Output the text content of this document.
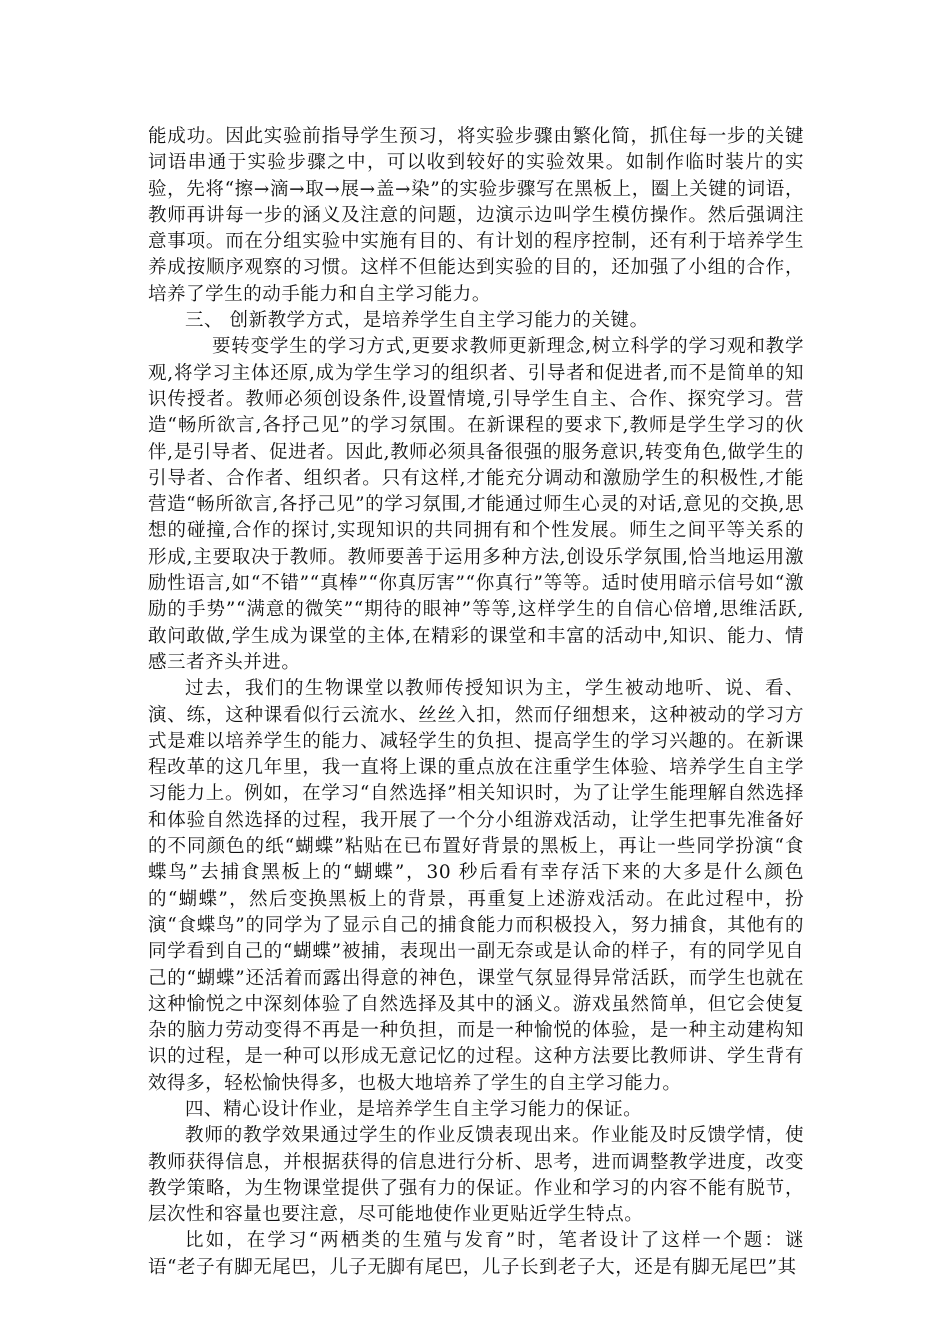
能成功。因此实验前指导学生预习，将实验步骤由繁化简，抓住每一步的关键词语串通于实验步骤之中，可以收到较好的实验效果。如制作临时装片的实验，先将“擦→滴→取→展→盖→染”的实验步骤写在黑板上，圈上关键的词语，教师再讲每一步的涵义及注意的问题，边演示边叫学生模仿操作。然后强调注意事项。而在分组实验中实施有目的、有计划的程序控制，还有利于培养学生养成按顺序观察的习惯。这样不但能达到实验的目的，还加强了小组的合作，培养了学生的动手能力和自主学习能力。

三、 创新教学方式，是培养学生自主学习能力的关键。

要转变学生的学习方式,更要求教师更新理念,树立科学的学习观和教学观,将学习主体还原,成为学生学习的组织者、引导者和促进者,而不是简单的知识传授者。教师必须创设条件,设置情境,引导学生自主、合作、探究学习。营造“畅所欲言,各抒己见”的学习氛围。在新课程的要求下,教师是学生学习的伙伴,是引导者、促进者。因此,教师必须具备很强的服务意识,转变角色,做学生的引导者、合作者、组织者。只有这样,才能充分调动和激励学生的积极性,才能营造“畅所欲言,各抒己见”的学习氛围,才能通过师生心灵的对话,意见的交换,思想的碰撞,合作的探讨,实现知识的共同拥有和个性发展。师生之间平等关系的形成,主要取决于教师。教师要善于运用多种方法,创设乐学氛围,恰当地运用激励性语言,如“不错”“真棒”“你真厉害”“你真行”等等。适时使用暗示信号如“激励的手势”“满意的微笑”“期待的眼神”等等,这样学生的自信心倍增,思维活跃,敢问敢做,学生成为课堂的主体,在精彩的课堂和丰富的活动中,知识、能力、情感三者齐头并进。

过去，我们的生物课堂以教师传授知识为主，学生被动地听、说、看、演、练，这种课看似行云流水、丝丝入扣，然而仔细想来，这种被动的学习方式是难以培养学生的能力、减轻学生的负担、提高学生的学习兴趣的。在新课程改革的这几年里，我一直将上课的重点放在注重学生体验、培养学生自主学习能力上。例如，在学习“自然选择”相关知识时，为了让学生能理解自然选择和体验自然选择的过程，我开展了一个分小组游戏活动，让学生把事先准备好的不同颜色的纸“蝴蝶”粘贴在已布置好背景的黑板上，再让一些同学扮演“食蝶鸟”去捕食黑板上的“蝴蝶”，30 秒后看有幸存活下来的大多是什么颜色的“蝴蝶”，然后变换黑板上的背景，再重复上述游戏活动。在此过程中，扮演“食蝶鸟”的同学为了显示自己的捕食能力而积极投入，努力捕食，其他有的同学看到自己的“蝴蝶”被捕，表现出一副无奈或是认命的样子，有的同学见自己的“蝴蝶”还活着而露出得意的神色，课堂气氛显得异常活跃，而学生也就在这种愉悦之中深刻体验了自然选择及其中的涵义。游戏虽然简单，但它会使复杂的脑力劳动变得不再是一种负担，而是一种愉悦的体验，是一种主动建构知识的过程，是一种可以形成无意记忆的过程。这种方法要比教师讲、学生背有效得多，轻松愉快得多，也极大地培养了学生的自主学习能力。

四、精心设计作业，是培养学生自主学习能力的保证。

教师的教学效果通过学生的作业反馈表现出来。作业能及时反馈学情，使教师获得信息，并根据获得的信息进行分析、思考，进而调整教学进度，改变教学策略，为生物课堂提供了强有力的保证。作业和学习的内容不能有脱节，层次性和容量也要注意，尽可能地使作业更贴近学生特点。

比如，在学习“两栖类的生殖与发育”时，笔者设计了这样一个题：谜语“老子有脚无尾巴，儿子无脚有尾巴，儿子长到老子大，还是有脚无尾巴”其
